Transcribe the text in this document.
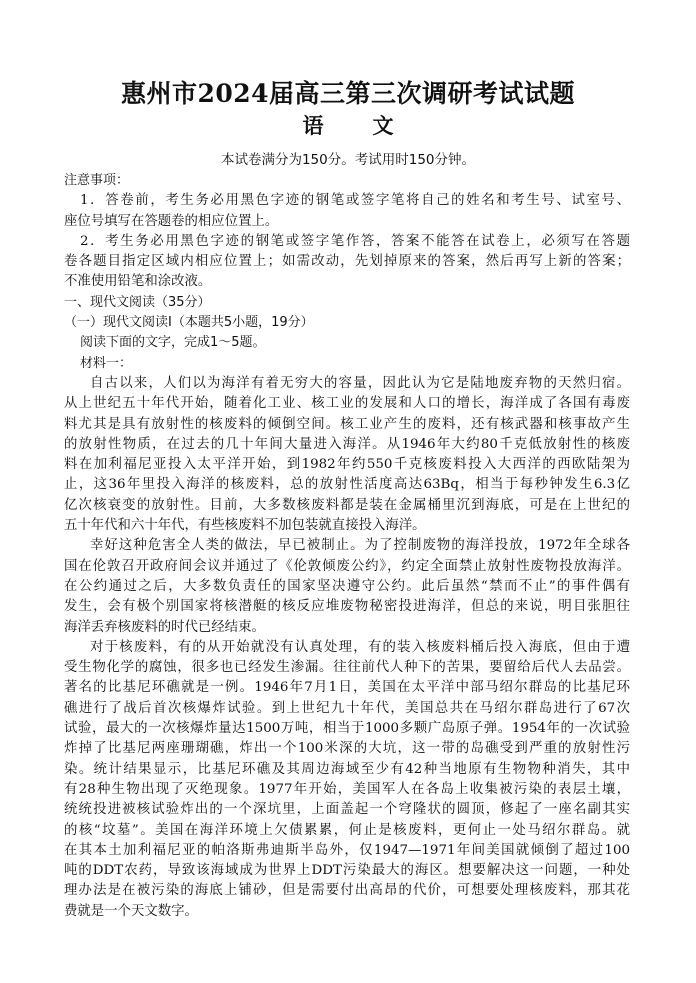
惠州市2024届高三第三次调研考试试题
语　文
本试卷满分为150分。考试用时150分钟。
注意事项：
1．答卷前，考生务必用黑色字迹的钢笔或签字笔将自己的姓名和考生号、试室号、
座位号填写在答题卷的相应位置上。
2．考生务必用黑色字迹的钢笔或签字笔作答，答案不能答在试卷上，必须写在答题
卷各题目指定区域内相应位置上；如需改动，先划掉原来的答案，然后再写上新的答案；
不准使用铅笔和涂改液。
一、现代文阅读（35分）
（一）现代文阅读Ⅰ（本题共5小题，19分）
阅读下面的文字，完成1～5题。
材料一：
自古以来，人们以为海洋有着无穷大的容量，因此认为它是陆地废弃物的天然归宿。
从上世纪五十年代开始，随着化工业、核工业的发展和人口的增长，海洋成了各国有毒废
料尤其是具有放射性的核废料的倾倒空间。核工业产生的废料，还有核武器和核事故产生
的放射性物质，在过去的几十年间大量进入海洋。从1946年大约80千克低放射性的核废
料在加利福尼亚投入太平洋开始，到1982年约550千克核废料投入大西洋的西欧陆架为
止，这36年里投入海洋的核废料，总的放射性活度高达63Bq，相当于每秒钟发生6.3亿
亿次核衰变的放射性。目前，大多数核废料都是装在金属桶里沉到海底，可是在上世纪的
五十年代和六十年代，有些核废料不加包装就直接投入海洋。
幸好这种危害全人类的做法，早已被制止。为了控制废物的海洋投放，1972年全球各
国在伦敦召开政府间会议并通过了《伦敦倾废公约》，约定全面禁止放射性废物投放海洋。
在公约通过之后，大多数负责任的国家坚决遵守公约。此后虽然“禁而不止”的事件偶有
发生，会有极个别国家将核潜艇的核反应堆废物秘密投进海洋，但总的来说，明目张胆往
海洋丢弃核废料的时代已经结束。
对于核废料，有的从开始就没有认真处理，有的装入核废料桶后投入海底，但由于遭
受生物化学的腐蚀，很多也已经发生渗漏。往往前代人种下的苦果，要留给后代人去品尝。
著名的比基尼环礁就是一例。1946年7月1日，美国在太平洋中部马绍尔群岛的比基尼环
礁进行了战后首次核爆炸试验。到上世纪九十年代，美国总共在马绍尔群岛进行了67次
试验，最大的一次核爆炸量达1500万吨，相当于1000多颗广岛原子弹。1954年的一次试验
炸掉了比基尼两座珊瑚礁，炸出一个100米深的大坑，这一带的岛礁受到严重的放射性污
染。统计结果显示，比基尼环礁及其周边海域至少有42种当地原有生物物种消失，其中
有28种生物出现了灭绝现象。1977年开始，美国军人在各岛上收集被污染的表层土壤，
统统投进被核试验炸出的一个深坑里，上面盖起一个穹隆状的圆顶，修起了一座名副其实
的核“坟墓”。美国在海洋环境上欠债累累，何止是核废料，更何止一处马绍尔群岛。就
在其本土加利福尼亚的帕洛斯弗迪斯半岛外，仅1947—1971年间美国就倾倒了超过100
吨的DDT农药，导致该海域成为世界上DDT污染最大的海区。想要解决这一问题，一种处
理办法是在被污染的海底上铺砂，但是需要付出高昂的代价，可想要处理核废料，那其花
费就是一个天文数字。
